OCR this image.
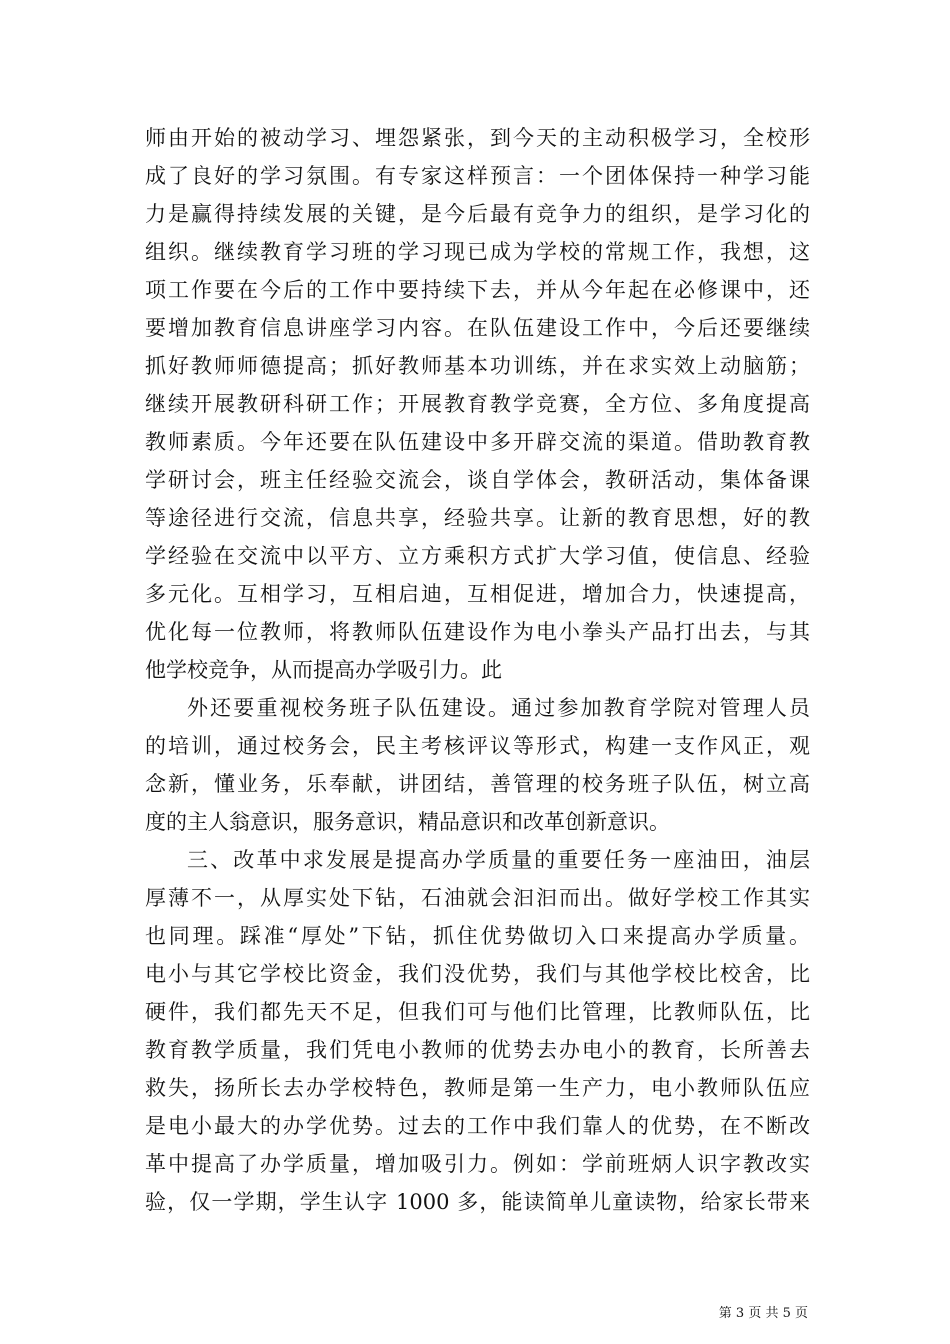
师由开始的被动学习、埋怨紧张，到今天的主动积极学习，全校形
成了良好的学习氛围。有专家这样预言：一个团体保持一种学习能
力是赢得持续发展的关键，是今后最有竞争力的组织，是学习化的
组织。继续教育学习班的学习现已成为学校的常规工作，我想，这
项工作要在今后的工作中要持续下去，并从今年起在必修课中，还
要增加教育信息讲座学习内容。在队伍建设工作中，今后还要继续
抓好教师师德提高；抓好教师基本功训练，并在求实效上动脑筋；
继续开展教研科研工作；开展教育教学竞赛，全方位、多角度提高
教师素质。今年还要在队伍建设中多开辟交流的渠道。借助教育教
学研讨会，班主任经验交流会，谈自学体会，教研活动，集体备课
等途径进行交流，信息共享，经验共享。让新的教育思想，好的教
学经验在交流中以平方、立方乘积方式扩大学习值，使信息、经验
多元化。互相学习，互相启迪，互相促进，增加合力，快速提高，
优化每一位教师，将教师队伍建设作为电小拳头产品打出去，与其
他学校竞争，从而提高办学吸引力。此
外还要重视校务班子队伍建设。通过参加教育学院对管理人员
的培训，通过校务会，民主考核评议等形式，构建一支作风正，观
念新，懂业务，乐奉献，讲团结，善管理的校务班子队伍，树立高
度的主人翁意识，服务意识，精品意识和改革创新意识。
三、改革中求发展是提高办学质量的重要任务一座油田，油层
厚薄不一，从厚实处下钻，石油就会汩汩而出。做好学校工作其实
也同理。踩准“厚处”下钻，抓住优势做切入口来提高办学质量。
电小与其它学校比资金，我们没优势，我们与其他学校比校舍，比
硬件，我们都先天不足，但我们可与他们比管理，比教师队伍，比
教育教学质量，我们凭电小教师的优势去办电小的教育，长所善去
救失，扬所长去办学校特色，教师是第一生产力，电小教师队伍应
是电小最大的办学优势。过去的工作中我们靠人的优势，在不断改
革中提高了办学质量，增加吸引力。例如：学前班炳人识字教改实
验，仅一学期，学生认字 1000 多，能读简单儿童读物，给家长带来
第 3 页 共 5 页
